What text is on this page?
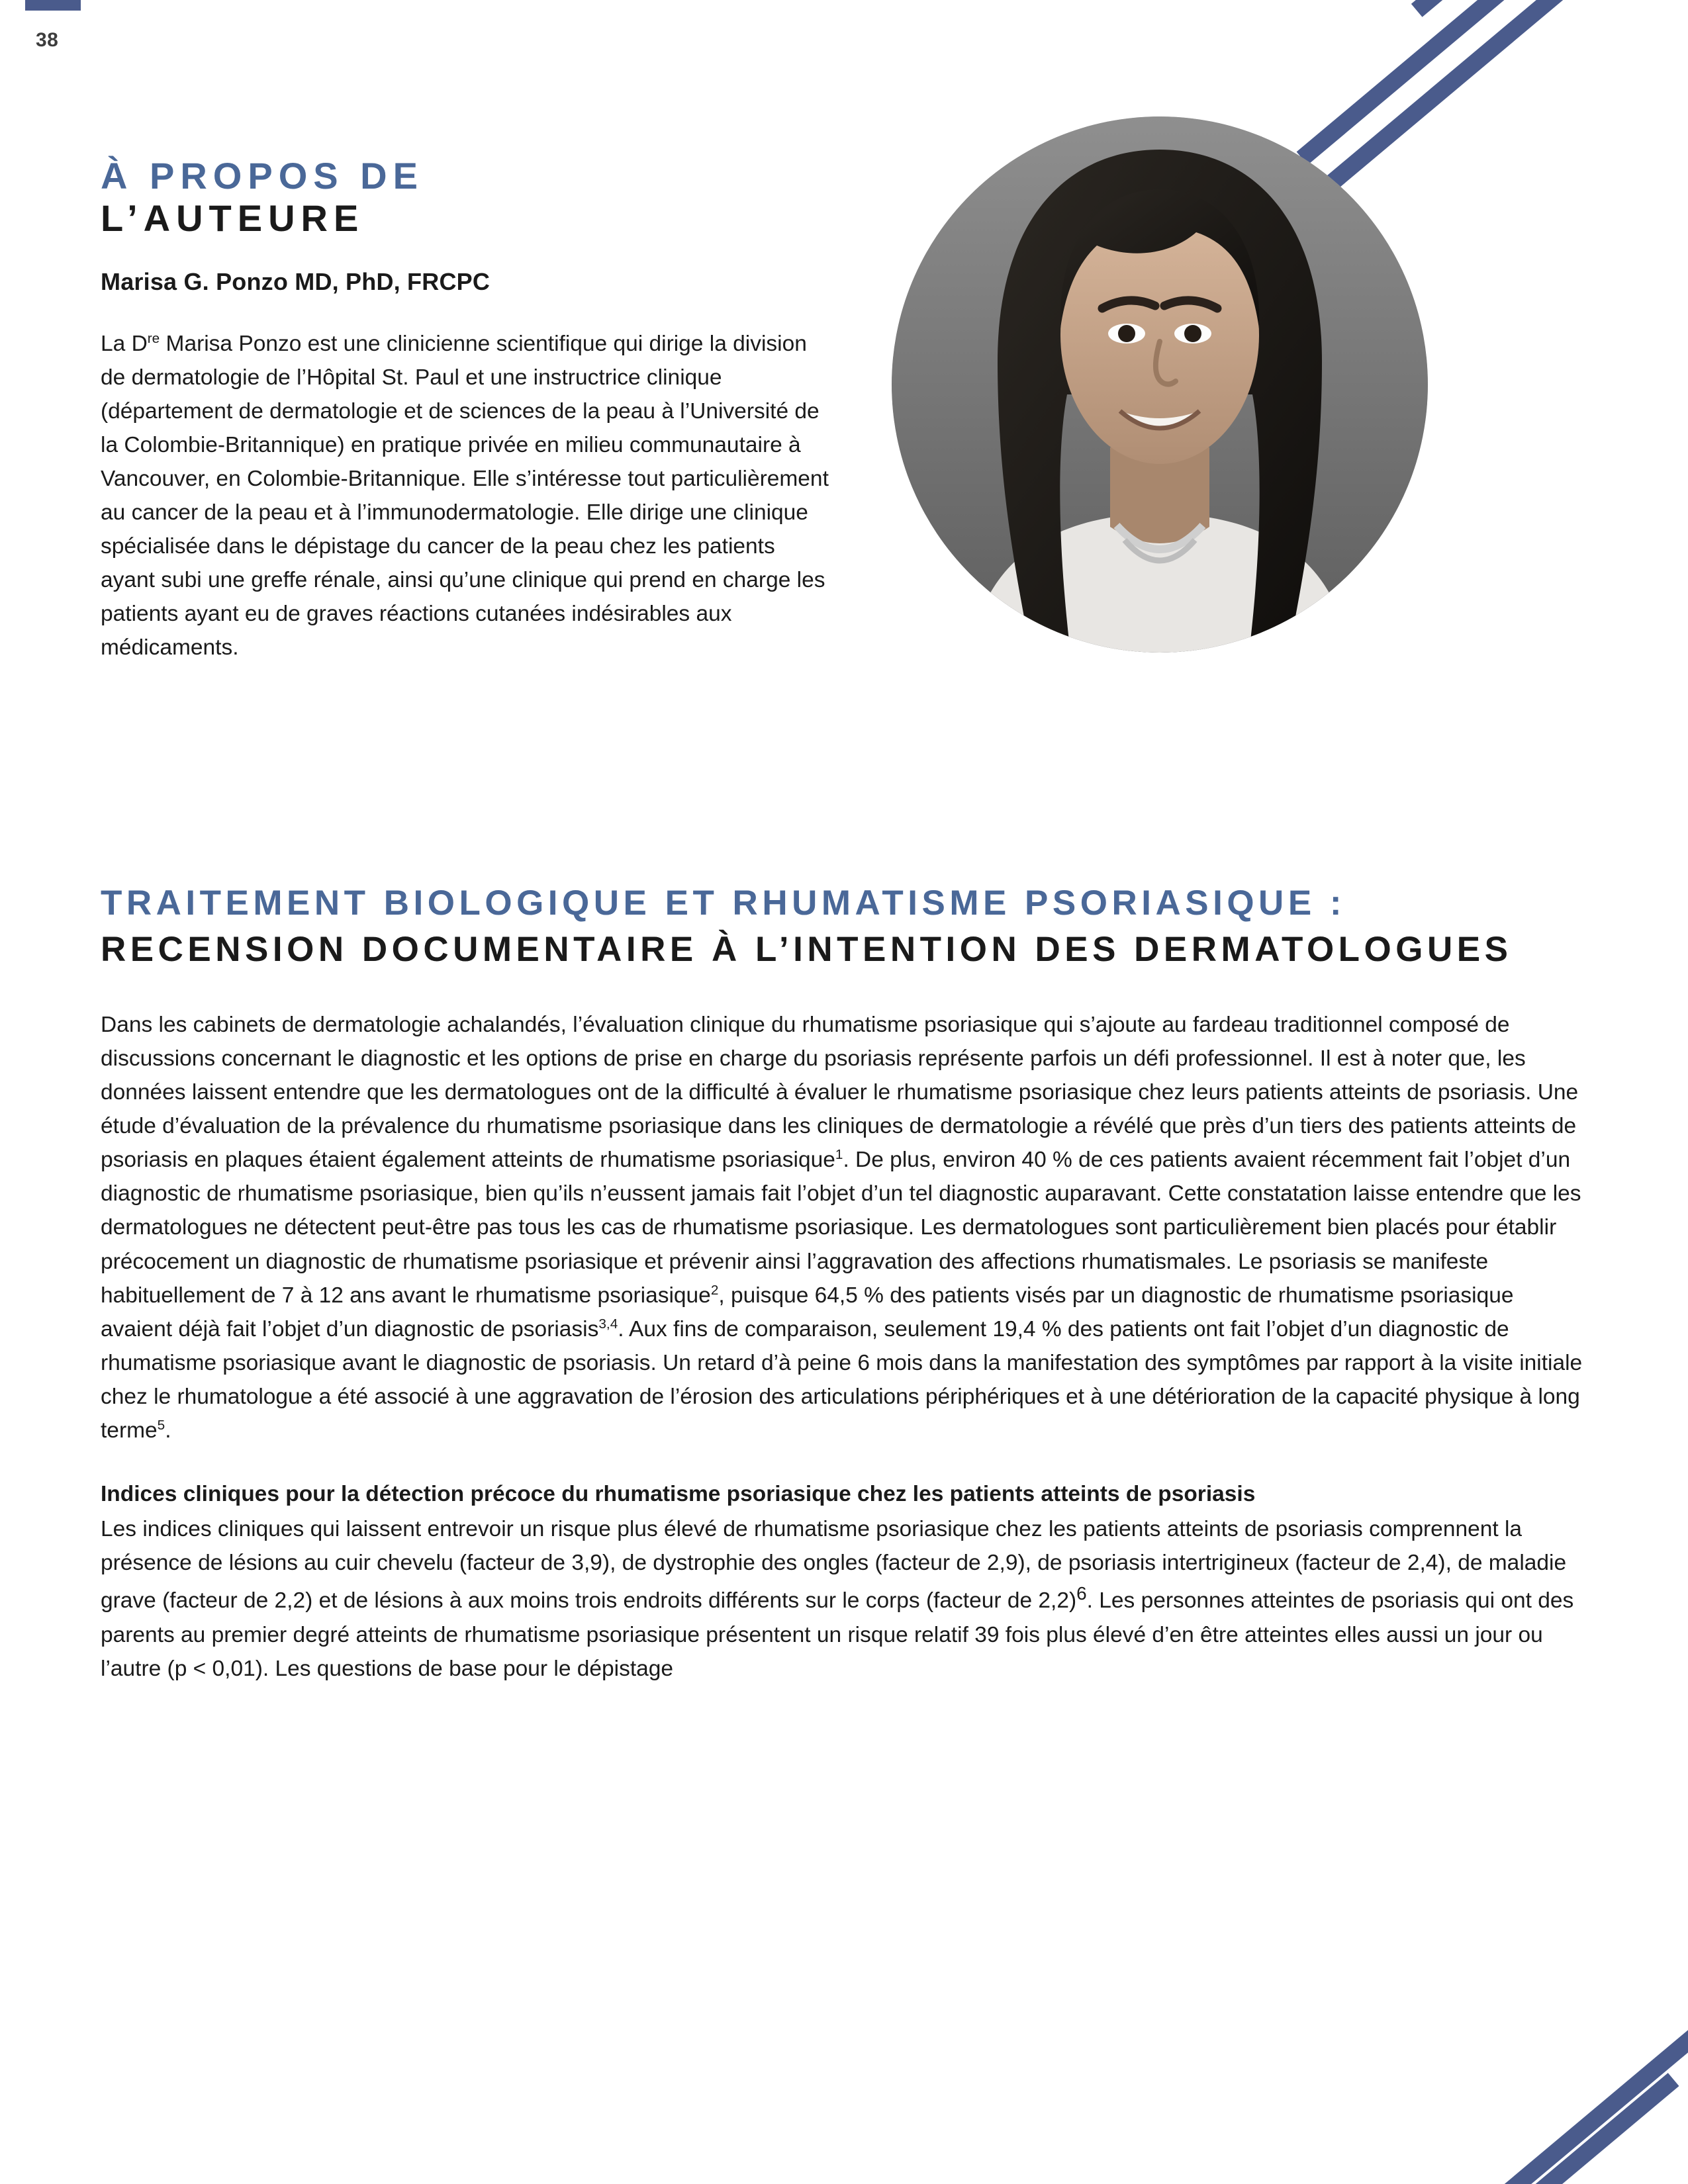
38
À PROPOS DE
L’AUTEURE
Marisa G. Ponzo MD, PhD, FRCPC
La Dre Marisa Ponzo est une clinicienne scientifique qui dirige la division de dermatologie de l’Hôpital St. Paul et une instructrice clinique (département de dermatologie et de sciences de la peau à l’Université de la Colombie-Britannique) en pratique privée en milieu communautaire à Vancouver, en Colombie-Britannique. Elle s’intéresse tout particulièrement au cancer de la peau et à l’immunodermatologie. Elle dirige une clinique spécialisée dans le dépistage du cancer de la peau chez les patients ayant subi une greffe rénale, ainsi qu’une clinique qui prend en charge les patients ayant eu de graves réactions cutanées indésirables aux médicaments.
TRAITEMENT BIOLOGIQUE ET RHUMATISME PSORIASIQUE : RECENSION DOCUMENTAIRE À L’INTENTION DES DERMATOLOGUES

Dans les cabinets de dermatologie achalandés, l’évaluation clinique du rhumatisme psoriasique qui s’ajoute au fardeau traditionnel composé de discussions concernant le diagnostic et les options de prise en charge du psoriasis représente parfois un défi professionnel. Il est à noter que, les données laissent entendre que les dermatologues ont de la difficulté à évaluer le rhumatisme psoriasique chez leurs patients atteints de psoriasis. Une étude d’évaluation de la prévalence du rhumatisme psoriasique dans les cliniques de dermatologie a révélé que près d’un tiers des patients atteints de psoriasis en plaques étaient également atteints de rhumatisme psoriasique$^1$. De plus, environ 40 % de ces patients avaient récemment fait l’objet d’un diagnostic de rhumatisme psoriasique, bien qu’ils n’eussent jamais fait l’objet d’un tel diagnostic auparavant. Cette constatation laisse entendre que les dermatologues ne détectent peut-être pas tous les cas de rhumatisme psoriasique. Les dermatologues sont particulièrement bien placés pour établir précocement un diagnostic de rhumatisme psoriasique et prévenir ainsi l’aggravation des affections rhumatismales. Le psoriasis se manifeste habituellement de 7 à 12 ans avant le rhumatisme psoriasique$^2$, puisque 64,5 % des patients visés par un diagnostic de rhumatisme psoriasique avaient déjà fait l’objet d’un diagnostic de psoriasis$^{3,4}$. Aux fins de comparaison, seulement 19,4 % des patients ont fait l’objet d’un diagnostic de rhumatisme psoriasique avant le diagnostic de psoriasis. Un retard d’à peine 6 mois dans la manifestation des symptômes par rapport à la visite initiale chez le rhumatologue a été associé à une aggravation de l’érosion des articulations périphériques et à une détérioration de la capacité physique à long terme$^5$.

Indices cliniques pour la détection précoce du rhumatisme psoriasique chez les patients atteints de psoriasis
Les indices cliniques qui laissent entrevoir un risque plus élevé de rhumatisme psoriasique chez les patients atteints de psoriasis comprennent la présence de lésions au cuir chevelu (facteur de 3,9), de dystrophie des ongles (facteur de 2,9), de psoriasis intertrigineux (facteur de 2,4), de maladie grave (facteur de 2,2) et de lésions à aux moins trois endroits différents sur le corps (facteur de 2,2)$^6$. Les personnes atteintes de psoriasis qui ont des parents au premier degré atteints de rhumatisme psoriasique présentent un risque relatif 39 fois plus élevé d’en être atteintes elles aussi un jour ou l’autre (p < 0,01). Les questions de base pour le dépistage
